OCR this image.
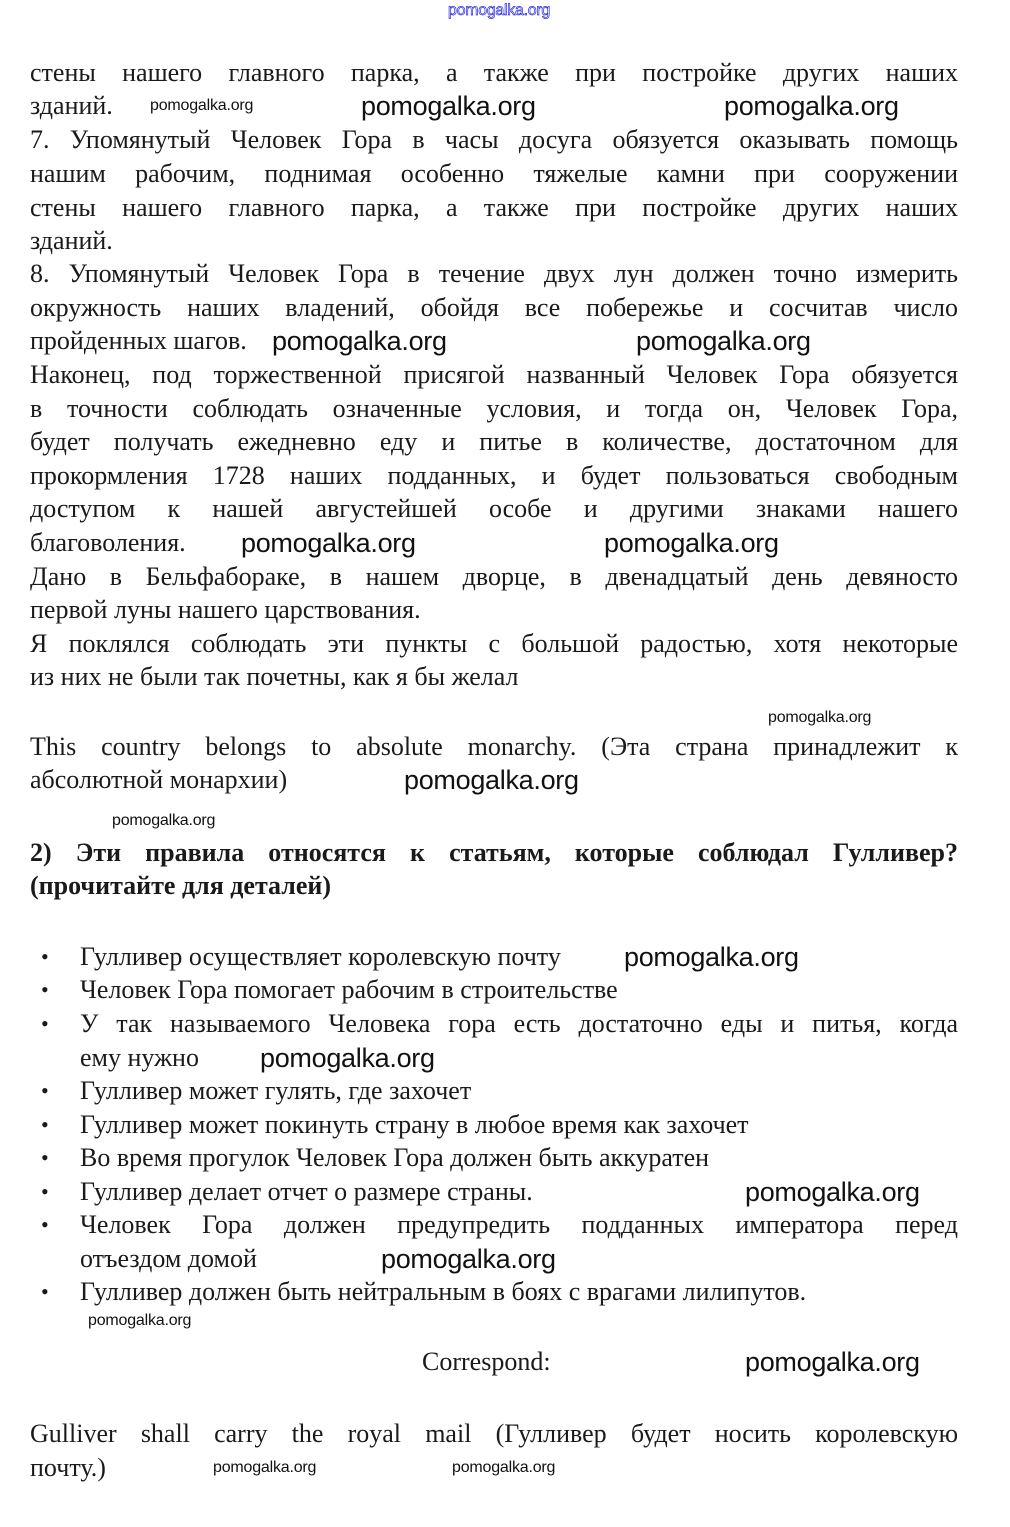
pomogalka.org
Correspond:
стены нашего главного парка, а также при постройке других наших
зданий.
7. Упомянутый Человек Гора в часы досуга обязуется оказывать помощь
нашим рабочим, поднимая особенно тяжелые камни при сооружении
стены нашего главного парка, а также при постройке других наших
зданий.
8. Упомянутый Человек Гора в течение двух лун должен точно измерить
окружность наших владений, обойдя все побережье и сосчитав число
пройденных шагов.
Наконец, под торжественной присягой названный Человек Гора обязуется
в точности соблюдать означенные условия, и тогда он, Человек Гора,
будет получать ежедневно еду и питье в количестве, достаточном для
прокормления 1728 наших подданных, и будет пользоваться свободным
доступом к нашей августейшей особе и другими знаками нашего
благоволения.
Дано в Бельфабораке, в нашем дворце, в двенадцатый день девяносто
первой луны нашего царствования.
Я поклялся соблюдать эти пункты с большой радостью, хотя некоторые
из них не были так почетны, как я бы желал
This country belongs to absolute monarchy. (Эта страна принадлежит к
абсолютной монархии)
2) Эти правила относятся к статьям, которые соблюдал Гулливер?
(прочитайте для деталей)
• Гулливер осуществляет королевскую почту
• Человек Гора помогает рабочим в строительстве
• У так называемого Человека гора есть достаточно еды и питья, когда
ему нужно
• Гулливер может гулять, где захочет
• Гулливер может покинуть страну в любое время как захочет
• Во время прогулок Человек Гора должен быть аккуратен
• Гулливер делает отчет о размере страны.
• Человек Гора должен предупредить подданных императора перед
отъездом домой
• Гулливер должен быть нейтральным в боях с врагами лилипутов.
Gulliver shall carry the royal mail (Гулливер будет носить королевскую
почту.)
pomogalka.org	pomogalka.org
pomogalka.org	pomogalka.org
pomogalka.org	pomogalka.org
pomogalka.org
pomogalka.org
pomogalka.org
pomogalka.org
pomogalka.org
pomogalka.org
pomogalka.org
pomogalka.org
pomogalka.org
pomogalka.org
pomogalka.org	pomogalka.org
